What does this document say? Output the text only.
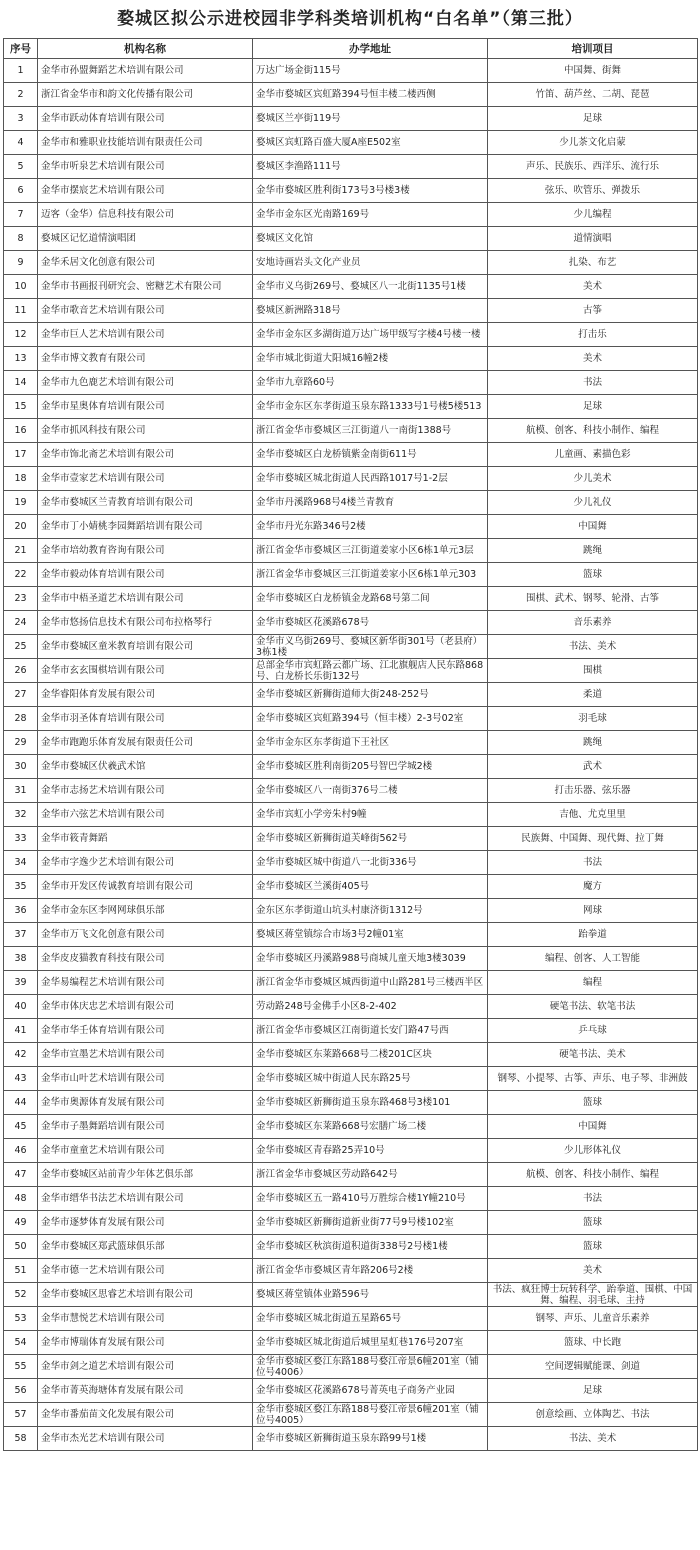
婺城区拟公示进校园非学科类培训机构“白名单”（第三批）
序号	机构名称	办学地址	培训项目
1	金华市孙盟舞蹈艺术培训有限公司	万达广场金街115号	中国舞、街舞
2	浙江省金华市和韵文化传播有限公司	金华市婺城区宾虹路394号恒丰楼二楼西侧	竹笛、葫芦丝、二胡、琵琶
3	金华市跃动体育培训有限公司	婺城区兰亭街119号	足球
4	金华市和雅职业技能培训有限责任公司	婺城区宾虹路百盛大厦A座E502室	少儿茶文化启蒙
5	金华市听泉艺术培训有限公司	婺城区李渔路111号	声乐、民族乐、西洋乐、流行乐
6	金华市摆宸艺术培训有限公司	金华市婺城区胜利街173号3号楼3楼	弦乐、吹管乐、弹拨乐
7	迈客（金华）信息科技有限公司	金华市金东区光南路169号	少儿编程
8	婺城区记忆道情演唱团	婺城区文化馆	道情演唱
9	金华禾居文化创意有限公司	安地诗画岩头文化产业员	扎染、布艺
10	金华市书画报刊研究会、密糖艺术有限公司	金华市义乌街269号、婺城区八一北街1135号1楼	美术
11	金华市歌音艺术培训有限公司	婺城区新洲路318号	古筝
12	金华市巨人艺术培训有限公司	金华市金东区多湖街道万达广场甲级写字楼4号楼一楼	打击乐
13	金华市博文教育有限公司	金华市城北街道大阳城16幢2楼	美术
14	金华市九色鹿艺术培训有限公司	金华市九章路60号	书法
15	金华市星奥体育培训有限公司	金华市金东区东孝街道玉泉东路1333号1号楼5楼513	足球
16	金华市抓风科技有限公司	浙江省金华市婺城区三江街道八一南街1388号	航模、创客、科技小制作、编程
17	金华市饰北斋艺术培训有限公司	金华市婺城区白龙桥镇紫金南街611号	儿童画、素描色彩
18	金华市壹家艺术培训有限公司	金华市婺城区城北街道人民西路1017号1-2层	少儿美术
19	金华市婺城区兰青教育培训有限公司	金华市丹溪路968号4楼兰青教育	少儿礼仪
20	金华市丁小婧桃李园舞蹈培训有限公司	金华市丹光东路346号2楼	中国舞
21	金华市培幼教育咨询有限公司	浙江省金华市婺城区三江街道姜家小区6栋1单元3层	跳绳
22	金华市毅动体育培训有限公司	浙江省金华市婺城区三江街道姜家小区6栋1单元303	篮球
23	金华市中梧圣道艺术培训有限公司	金华市婺城区白龙桥镇金龙路68号第二间	围棋、武术、钢琴、轮滑、古筝
24	金华市悠扬信息技术有限公司布拉格琴行	金华市婺城区花溪路678号	音乐素养
25	金华市婺城区童米教育培训有限公司	金华市义乌街269号、婺城区新华街301号（老县府）3栋1楼	书法、美术
26	金华市玄玄围棋培训有限公司	总部金华市宾虹路云都广场、江北旗舰店人民东路868号、白龙桥长乐街132号	围棋
27	金华睿阳体育发展有限公司	金华市婺城区新狮街道师大街248-252号	柔道
28	金华市羽圣体育培训有限公司	金华市婺城区宾虹路394号（恒丰楼）2-3号02室	羽毛球
29	金华市跑跑乐体育发展有限责任公司	金华市金东区东孝街道下王社区	跳绳
30	金华市婺城区伏羲武术馆	金华市婺城区胜利南街205号智巴学城2楼	武术
31	金华市志扬艺术培训有限公司	金华市婺城区八一南街376号二楼	打击乐器、弦乐器
32	金华市六弦艺术培训有限公司	金华市宾虹小学旁朱村9幢	吉他、尤克里里
33	金华市筱青舞蹈	金华市婺城区新狮街道芙峰街562号	民族舞、中国舞、现代舞、拉丁舞
34	金华市字逸少艺术培训有限公司	金华市婺城区城中街道八一北街336号	书法
35	金华市开发区传诚教育培训有限公司	金华市婺城区兰溪街405号	魔方
36	金华市金东区李网网球俱乐部	金东区东孝街道山坑头村康济街1312号	网球
37	金华市万飞文化创意有限公司	婺城区蒋堂镇综合市场3号2幢01室	跆拳道
38	金华皮皮猫教育科技有限公司	金华市婺城区丹溪路988号商城儿童天地3楼3039	编程、创客、人工智能
39	金华易编程艺术培训有限公司	浙江省金华市婺城区城西街道中山路281号三楼西半区	编程
40	金华市体庆忠艺术培训有限公司	劳动路248号金佛手小区8-2-402	硬笔书法、软笔书法
41	金华市华壬体育培训有限公司	浙江省金华市婺城区江南街道长安门路47号西	乒乓球
42	金华市宣墨艺术培训有限公司	金华市婺城区东莱路668号二楼201C区块	硬笔书法、美术
43	金华市山叶艺术培训有限公司	金华市婺城区城中街道人民东路25号	钢琴、小提琴、古筝、声乐、电子琴、非洲鼓
44	金华市奥源体育发展有限公司	金华市婺城区新狮街道玉泉东路468号3楼101	篮球
45	金华市子墨舞蹈培训有限公司	金华市婺城区东莱路668号宏膳广场二楼	中国舞
46	金华市童童艺术培训有限公司	金华市婺城区青春路25弄10号	少儿形体礼仪
47	金华市婺城区站前青少年体艺俱乐部	浙江省金华市婺城区劳动路642号	航模、创客、科技小制作、编程
48	金华市缙华书法艺术培训有限公司	金华市婺城区五一路410号万胜综合楼1Y幢210号	书法
49	金华市逐梦体育发展有限公司	金华市婺城区新狮街道新业街77号9号楼102室	篮球
50	金华市婺城区郑武篮球俱乐部	金华市婺城区秋滨街道积道街338号2号楼1楼	篮球
51	金华市德一艺术培训有限公司	浙江省金华市婺城区青年路206号2楼	美术
52	金华市婺城区思睿艺术培训有限公司	婺城区蒋堂镇体业路596号	书法、疯狂博士玩转科学、跆拳道、围棋、中国舞、编程、羽毛球、主持
53	金华市慧悦艺术培训有限公司	金华市婺城区城北街道五星路65号	钢琴、声乐、儿童音乐素养
54	金华市博瑞体育发展有限公司	金华市婺城区城北街道后城里星虹巷176号207室	篮球、中长跑
55	金华市剑之道艺术培训有限公司	金华市婺城区婺江东路188号婺江帝景6幢201室（铺位号4006）	空间逻辑赋能课、剑道
56	金华市菁英海塘体育发展有限公司	金华市婺城区花溪路678号菁英电子商务产业园	足球
57	金华市番茄苗文化发展有限公司	金华市婺城区婺江东路188号婺江帝景6幢201室（铺位号4005）	创意绘画、立体陶艺、书法
58	金华市杰光艺术培训有限公司	金华市婺城区新狮街道玉泉东路99号1楼	书法、美术
